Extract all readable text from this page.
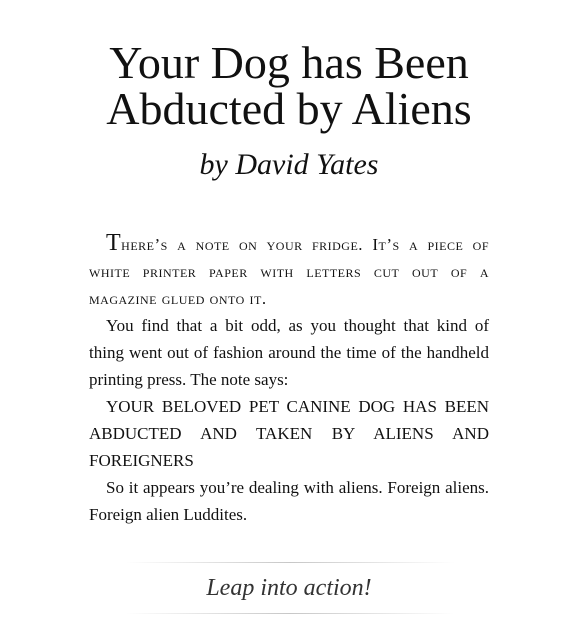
Your Dog has Been
Abducted by Aliens
by David Yates

There’s a note on your fridge. It’s a piece of white printer paper with letters cut out of a magazine glued onto it.

You find that a bit odd, as you thought that kind of thing went out of fashion around the time of the handheld printing press. The note says:

YOUR BELOVED PET CANINE DOG HAS BEEN ABDUCTED AND TAKEN BY ALIENS AND FOREIGNERS

So it appears you’re dealing with aliens. Foreign aliens. Foreign alien Luddites.

Leap into action!
